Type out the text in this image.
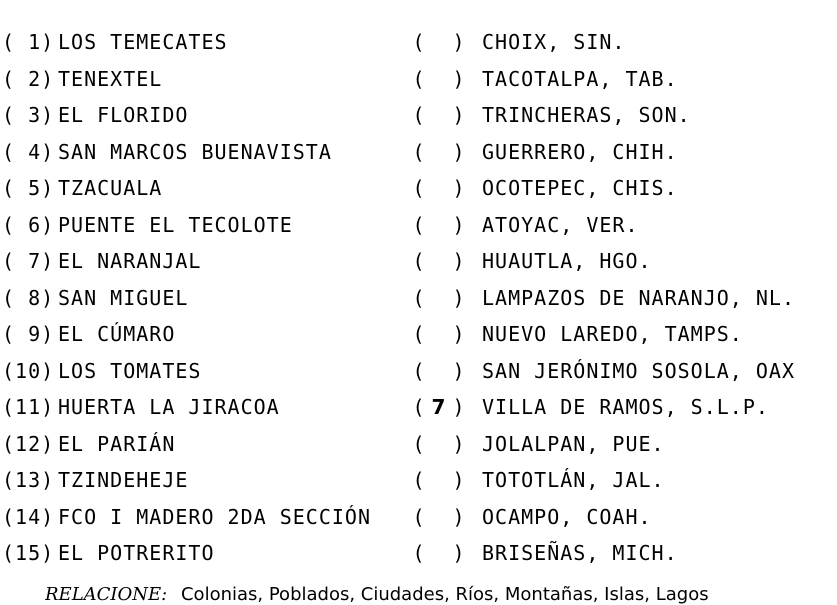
( 1) LOS TEMECATES	( ) CHOIX, SIN.
( 2) TENEXTEL	( ) TACOTALPA, TAB.
( 3) EL FLORIDO	( ) TRINCHERAS, SON.
( 4) SAN MARCOS BUENAVISTA	( ) GUERRERO, CHIH.
( 5) TZACUALA	( ) OCOTEPEC, CHIS.
( 6) PUENTE EL TECOLOTE	( ) ATOYAC, VER.
( 7) EL NARANJAL	( ) HUAUTLA, HGO.
( 8) SAN MIGUEL	( ) LAMPAZOS DE NARANJO, NL.
( 9) EL CÚMARO	( ) NUEVO LAREDO, TAMPS.
(10) LOS TOMATES	( ) SAN JERÓNIMO SOSOLA, OAX
(11) HUERTA LA JIRACOA	( 7 ) VILLA DE RAMOS, S.L.P.
(12) EL PARIÁN	( ) JOLALPAN, PUE.
(13) TZINDEHEJE	( ) TOTOTLÁN, JAL.
(14) FCO I MADERO 2DA SECCIÓN	( ) OCAMPO, COAH.
(15) EL POTRERITO	( ) BRISEÑAS, MICH.
RELACIONE: Colonias, Poblados, Ciudades, Ríos, Montañas, Islas, Lagos
